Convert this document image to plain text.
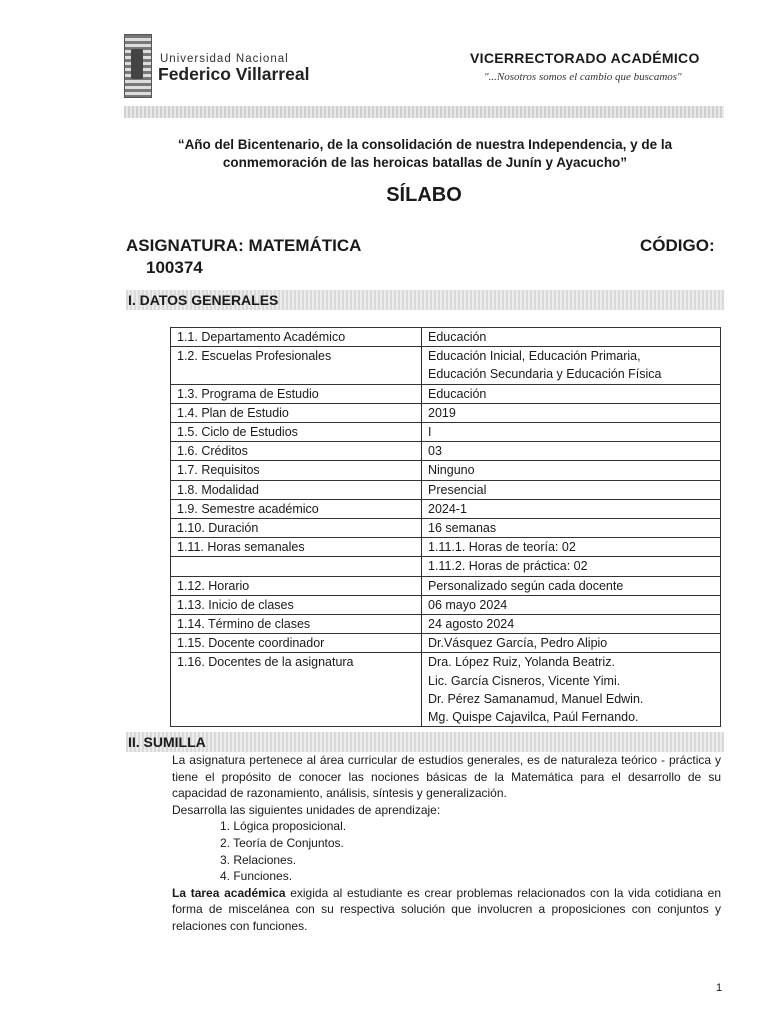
Universidad Nacional
Federico Villarreal
VICERRECTORADO ACADÉMICO
"...Nosotros somos el cambio que buscamos"
“Año del Bicentenario, de la consolidación de nuestra Independencia, y de la
conmemoración de las heroicas batallas de Junín y Ayacucho”
SÍLABO
ASIGNATURA: MATEMÁTICA	CÓDIGO:
100374
I. DATOS GENERALES
1.1. Departamento Académico	Educación

1.2. Escuelas Profesionales	Educación Inicial, Educación Primaria,
Educación Secundaria y Educación Física

1.3. Programa de Estudio	Educación

1.4. Plan de Estudio	2019

1.5. Ciclo de Estudios	I

1.6. Créditos	03

1.7. Requisitos	Ninguno

1.8. Modalidad	Presencial

1.9. Semestre académico	2024-1

1.10. Duración	16 semanas

1.11. Horas semanales	1.11.1. Horas de teoría: 02

	1.11.2. Horas de práctica: 02

1.12. Horario	Personalizado según cada docente

1.13. Inicio de clases	06 mayo 2024

1.14. Término de clases	24 agosto 2024

1.15. Docente coordinador	Dr.Vásquez García, Pedro Alipio

1.16. Docentes de la asignatura	Dra. López Ruiz, Yolanda Beatriz.
Lic. García Cisneros, Vicente Yimi.
Dr. Pérez Samanamud, Manuel Edwin.
Mg. Quispe Cajavilca, Paúl Fernando.
II. SUMILLA

La asignatura pertenece al área curricular de estudios generales, es de naturaleza teórico - práctica y tiene el propósito de conocer las nociones básicas de la Matemática para el desarrollo de su capacidad de razonamiento, análisis, síntesis y generalización.

Desarrolla las siguientes unidades de aprendizaje:

1. Lógica proposicional.
2. Teoría de Conjuntos.
3. Relaciones.
4. Funciones.

La tarea académica exigida al estudiante es crear problemas relacionados con la vida cotidiana en forma de miscelánea con su respectiva solución que involucren a proposiciones con conjuntos y relaciones con funciones.

1
